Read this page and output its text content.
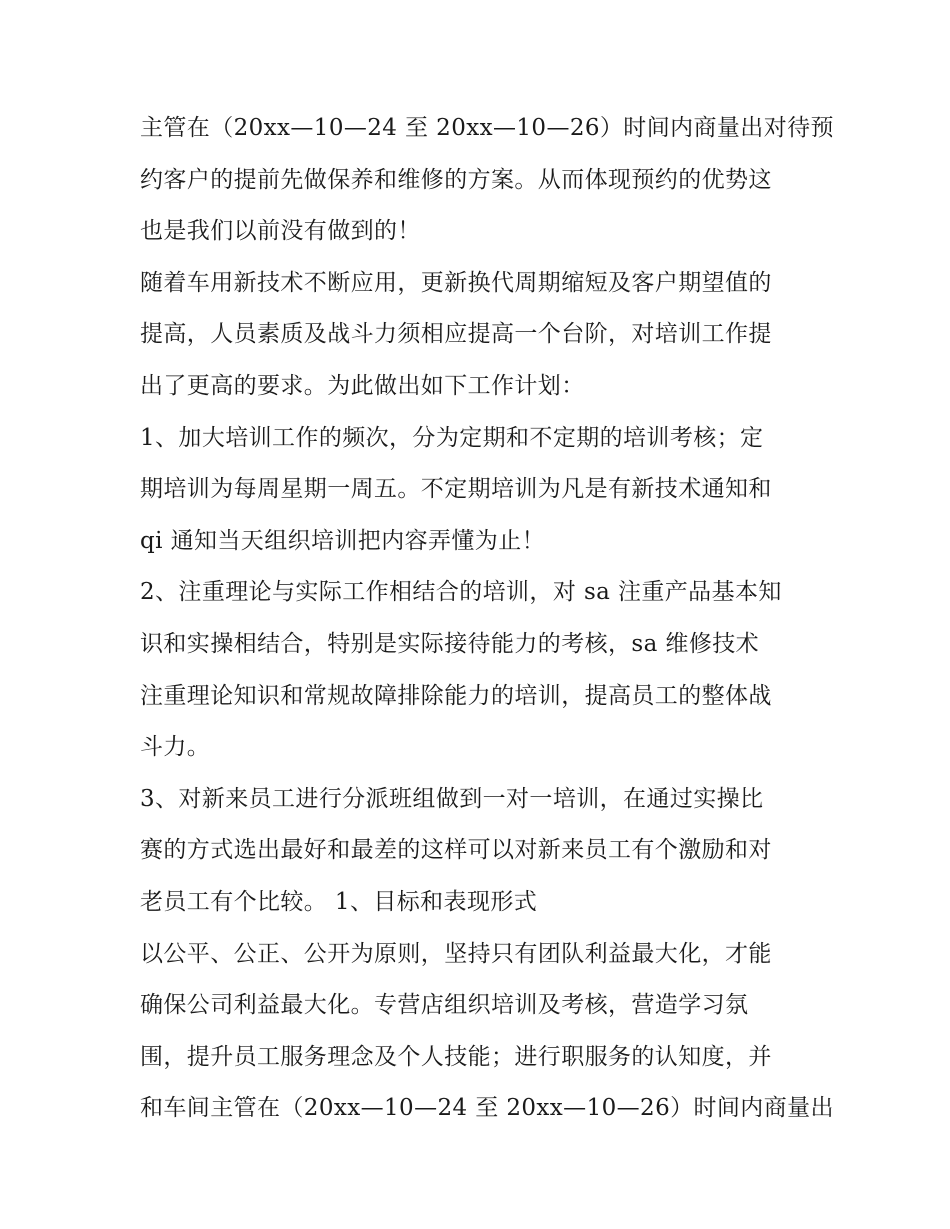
主管在（20xx—10—24 至 20xx—10—26）时间内商量出对待预
约客户的提前先做保养和维修的方案。从而体现预约的优势这
也是我们以前没有做到的！
随着车用新技术不断应用，更新换代周期缩短及客户期望值的
提高，人员素质及战斗力须相应提高一个台阶，对培训工作提
出了更高的要求。为此做出如下工作计划：
1、加大培训工作的频次，分为定期和不定期的培训考核；定
期培训为每周星期一周五。不定期培训为凡是有新技术通知和
qi 通知当天组织培训把内容弄懂为止！
2、注重理论与实际工作相结合的培训，对 sa 注重产品基本知
识和实操相结合，特别是实际接待能力的考核，sa 维修技术
注重理论知识和常规故障排除能力的培训，提高员工的整体战
斗力。
3、对新来员工进行分派班组做到一对一培训，在通过实操比
赛的方式选出最好和最差的这样可以对新来员工有个激励和对
老员工有个比较。 1、目标和表现形式
以公平、公正、公开为原则，坚持只有团队利益最大化，才能
确保公司利益最大化。专营店组织培训及考核，营造学习氛
围，提升员工服务理念及个人技能；进行职服务的认知度，并
和车间主管在（20xx—10—24 至 20xx—10—26）时间内商量出
